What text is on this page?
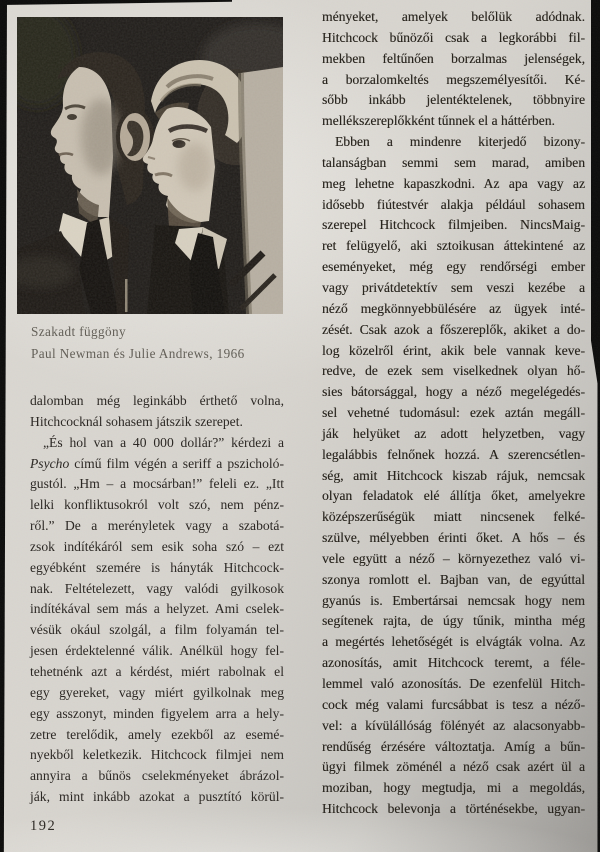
Szakadt függöny
Paul Newman és Julie Andrews, 1966
dalomban még leginkább érthető volna,
Hitchcocknál sohasem játszik szerepet.
„És hol van a 40 000 dollár?” kérdezi a
Psycho című film végén a seriff a pszicholó-
gustól. „Hm – a mocsárban!” feleli ez. „Itt
lelki konfliktusokról volt szó, nem pénz-
ről.” De a merényletek vagy a szabotá-
zsok indítékáról sem esik soha szó – ezt
egyébként szemére is hányták Hitchcock-
nak. Feltételezett, vagy valódi gyilkosok
indítékával sem más a helyzet. Ami cselek-
vésük okául szolgál, a film folyamán tel-
jesen érdektelenné válik. Anélkül hogy fel-
tehetnénk azt a kérdést, miért rabolnak el
egy gyereket, vagy miért gyilkolnak meg
egy asszonyt, minden figyelem arra a hely-
zetre terelődik, amely ezekből az esemé-
nyekből keletkezik. Hitchcock filmjei nem
annyira a bűnös cselekményeket ábrázol-
ják, mint inkább azokat a pusztító körül-
ményeket, amelyek belőlük adódnak.
Hitchcock bűnözői csak a legkorábbi fil-
mekben feltűnően borzalmas jelenségek,
a borzalomkeltés megszemélyesítői. Ké-
sőbb inkább jelentéktelenek, többnyire
mellékszereplőkként tűnnek el a háttérben.
Ebben a mindenre kiterjedő bizony-
talanságban semmi sem marad, amiben
meg lehetne kapaszkodni. Az apa vagy az
idősebb fiútestvér alakja például sohasem
szerepel Hitchcock filmjeiben. NincsMaig-
ret felügyelő, aki sztoikusan áttekintené az
eseményeket, még egy rendőrségi ember
vagy privátdetektív sem veszi kezébe a
néző megkönnyebbülésére az ügyek inté-
zését. Csak azok a főszereplők, akiket a do-
log közelről érint, akik bele vannak keve-
redve, de ezek sem viselkednek olyan hő-
sies bátorsággal, hogy a néző megelégedés-
sel vehetné tudomásul: ezek aztán megáll-
ják helyüket az adott helyzetben, vagy
legalábbis felnőnek hozzá. A szerencsétlen-
ség, amit Hitchcock kiszab rájuk, nemcsak
olyan feladatok elé állítja őket, amelyekre
középszerűségük miatt nincsenek felké-
szülve, mélyebben érinti őket. A hős – és
vele együtt a néző – környezethez való vi-
szonya romlott el. Bajban van, de egyúttal
gyanús is. Embertársai nemcsak hogy nem
segítenek rajta, de úgy tűnik, mintha még
a megértés lehetőségét is elvágták volna. Az
azonosítás, amit Hitchcock teremt, a féle-
lemmel való azonosítás. De ezenfelül Hitch-
cock még valami furcsábbat is tesz a néző-
vel: a kívülállóság fölényét az alacsonyabb-
rendűség érzésére változtatja. Amíg a bűn-
ügyi filmek zöménél a néző csak azért ül a
moziban, hogy megtudja, mi a megoldás,
Hitchcock belevonja a történésekbe, ugyan-
192
